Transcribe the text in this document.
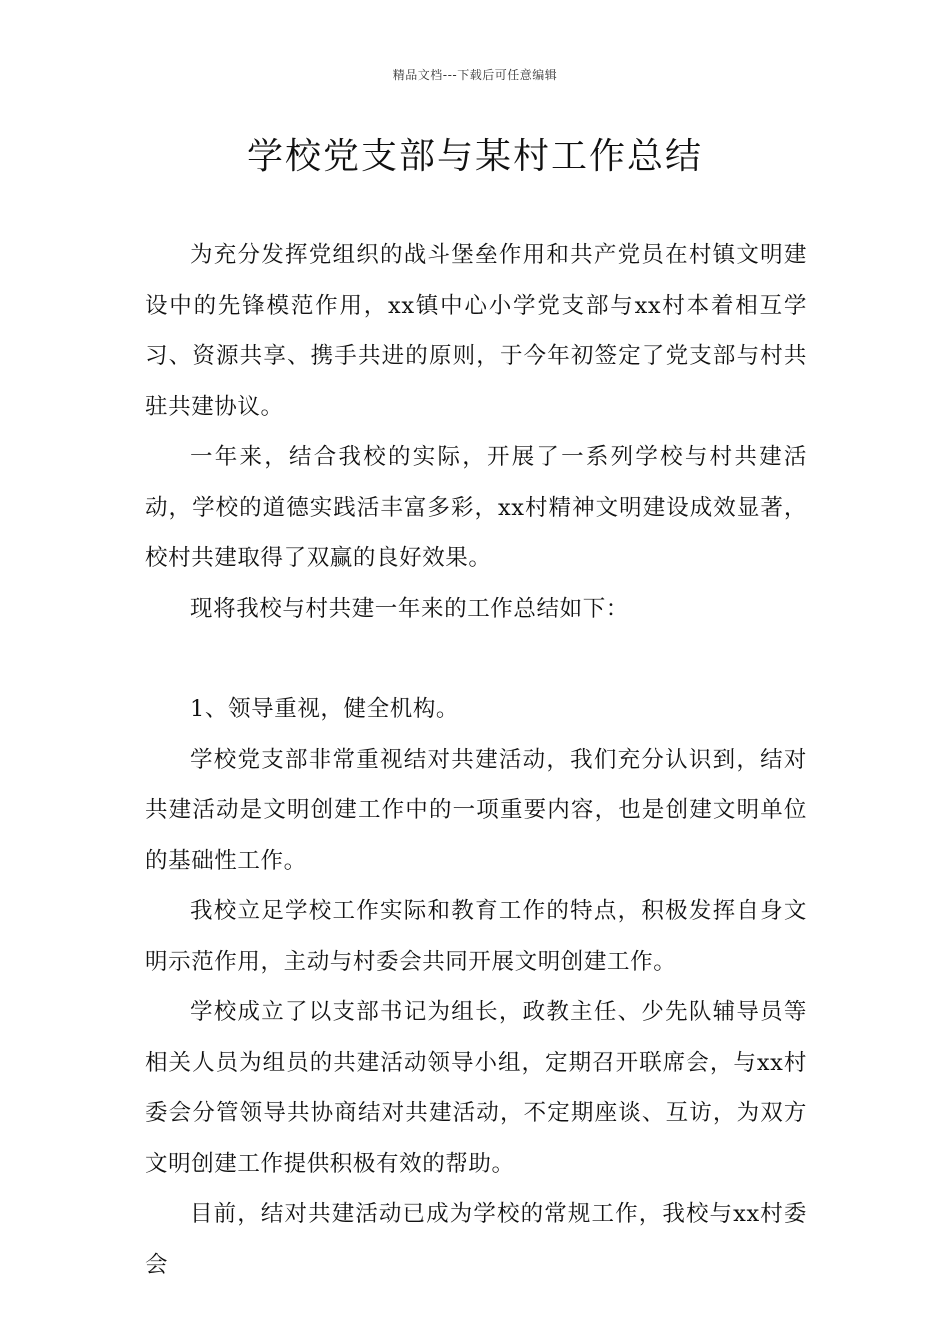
精品文档---下载后可任意编辑
学校党支部与某村工作总结

为充分发挥党组织的战斗堡垒作用和共产党员在村镇文明建设中的先锋模范作用，xx镇中心小学党支部与xx村本着相互学习、资源共享、携手共进的原则，于今年初签定了党支部与村共驻共建协议。

一年来，结合我校的实际，开展了一系列学校与村共建活动，学校的道德实践活丰富多彩，xx村精神文明建设成效显著，校村共建取得了双赢的良好效果。

现将我校与村共建一年来的工作总结如下：

1、领导重视，健全机构。

学校党支部非常重视结对共建活动，我们充分认识到，结对共建活动是文明创建工作中的一项重要内容，也是创建文明单位的基础性工作。

我校立足学校工作实际和教育工作的特点，积极发挥自身文明示范作用，主动与村委会共同开展文明创建工作。

学校成立了以支部书记为组长，政教主任、少先队辅导员等相关人员为组员的共建活动领导小组，定期召开联席会，与xx村委会分管领导共协商结对共建活动，不定期座谈、互访，为双方文明创建工作提供积极有效的帮助。

目前，结对共建活动已成为学校的常规工作，我校与xx村委会
